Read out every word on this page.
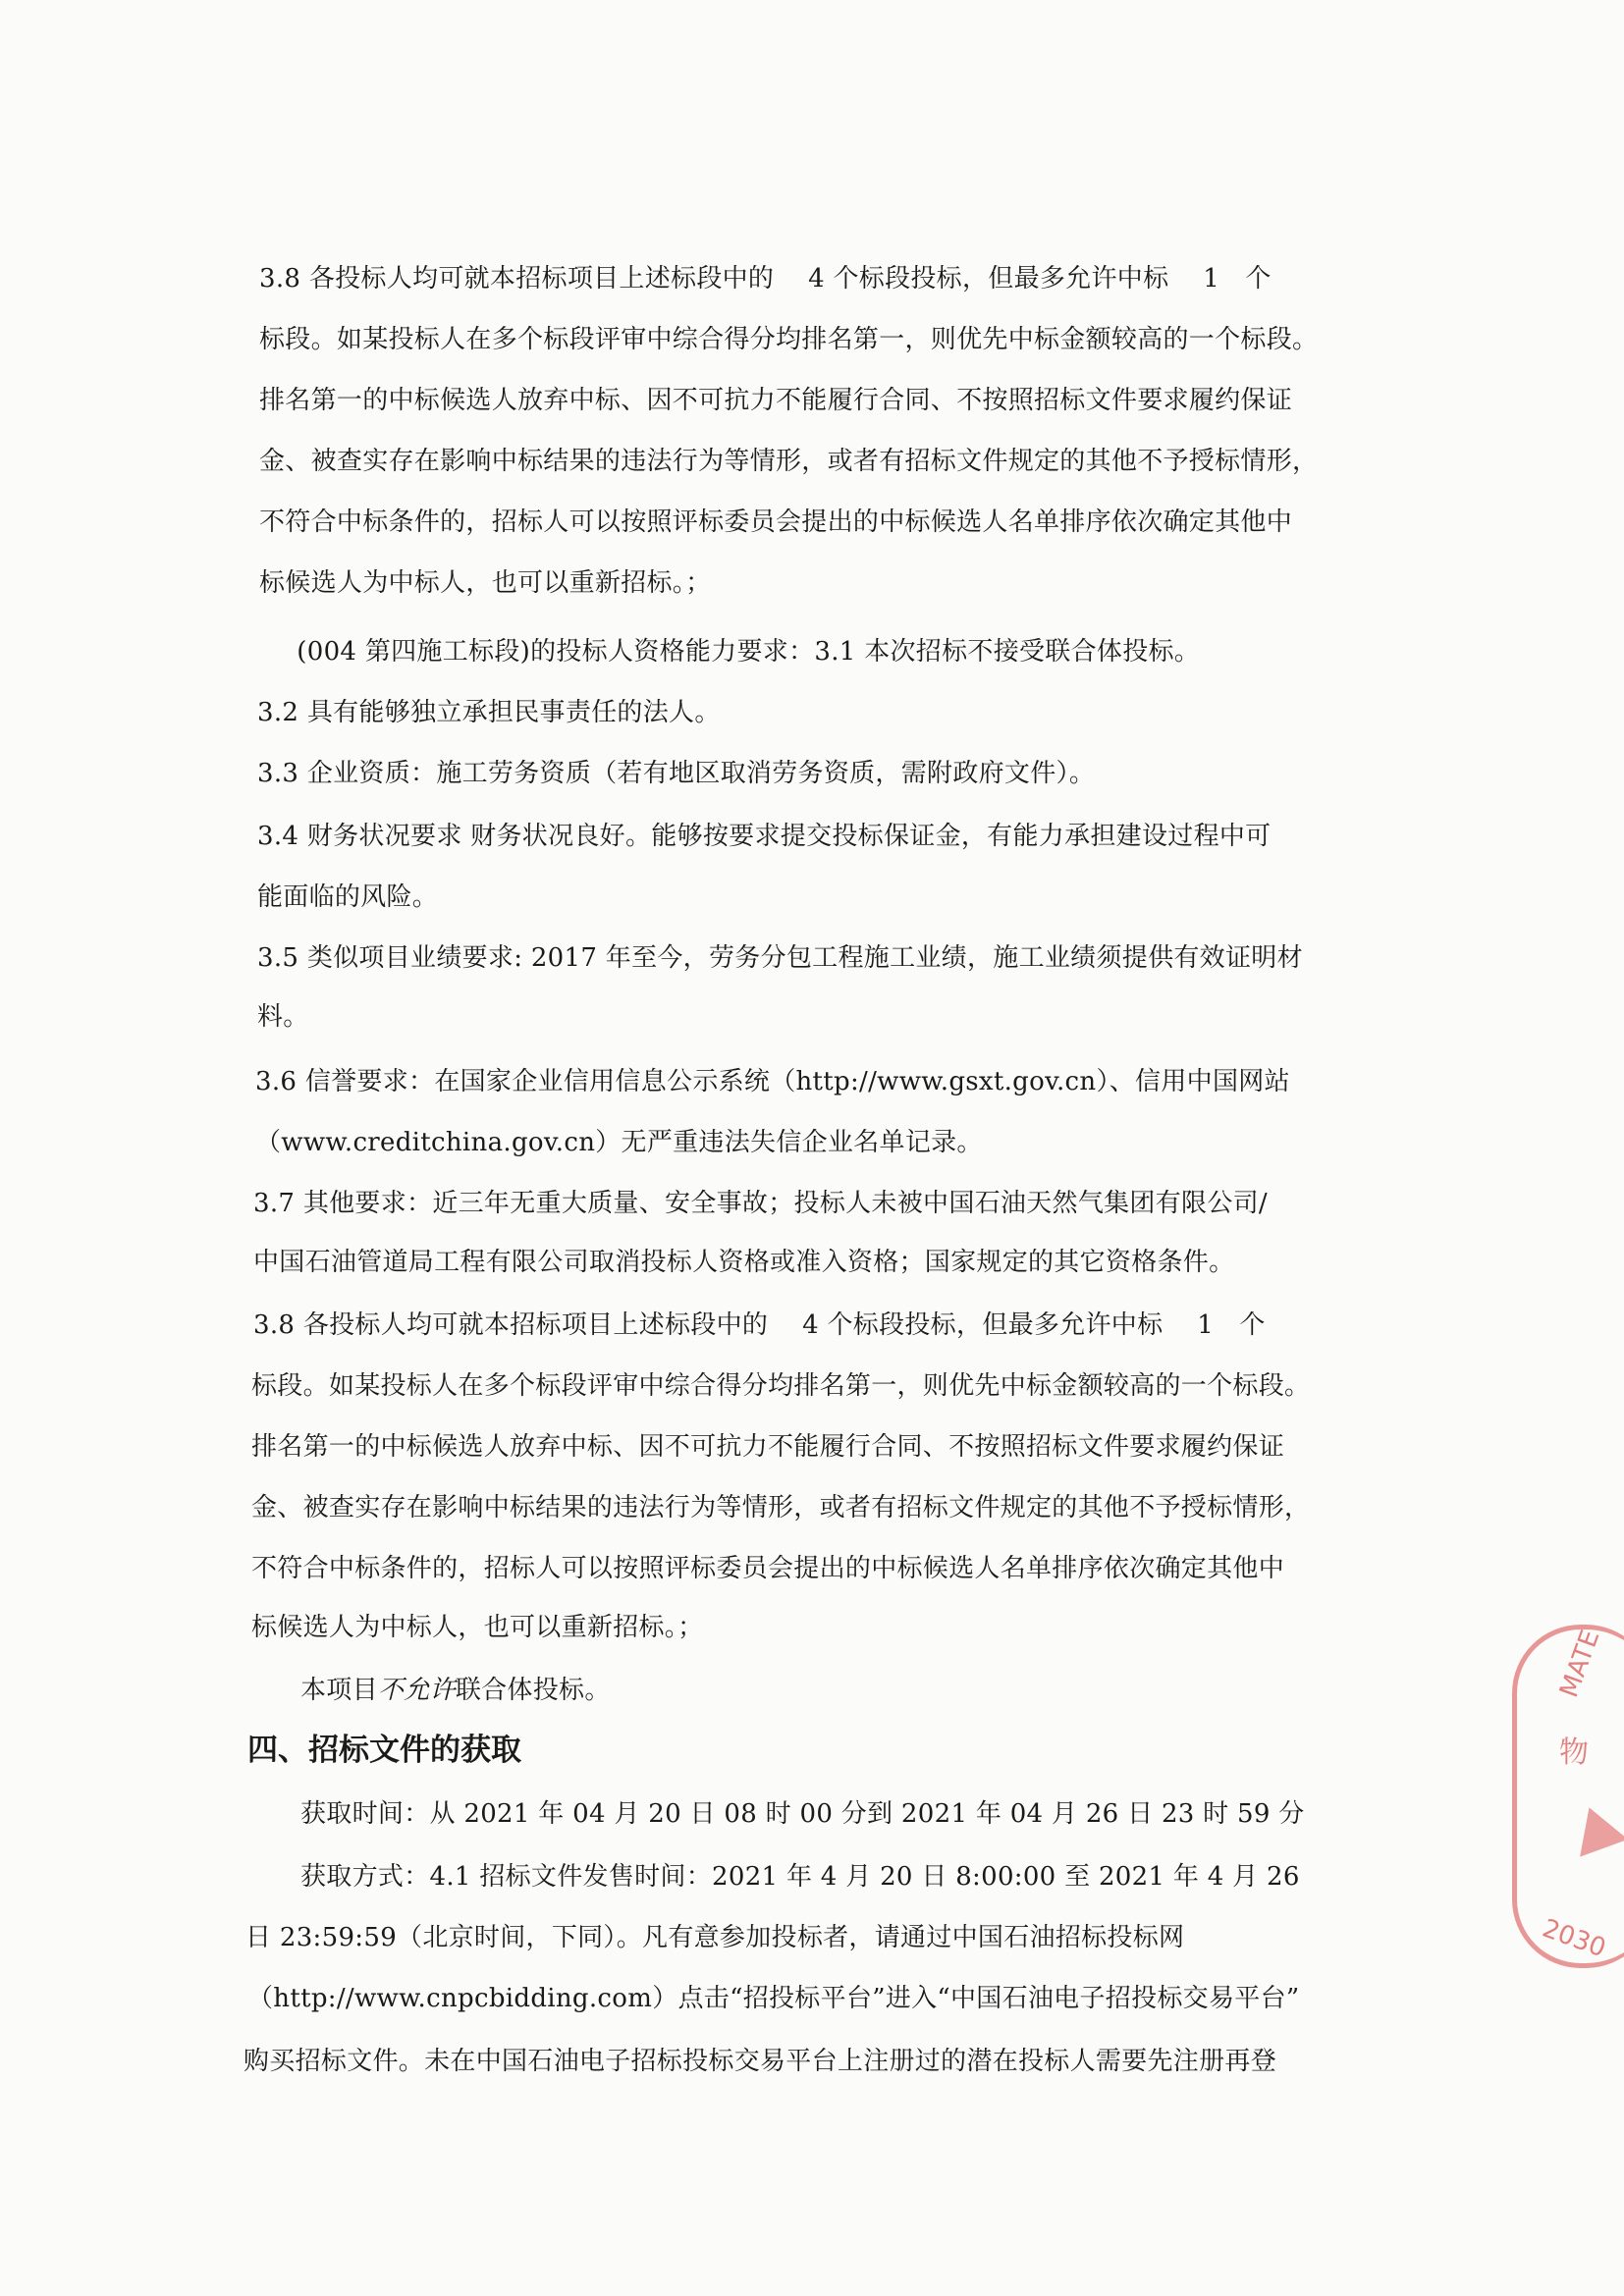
3.8 各投标人均可就本招标项目上述标段中的　 4 个标段投标，但最多允许中标　 1　个
标段。如某投标人在多个标段评审中综合得分均排名第一，则优先中标金额较高的一个标段。
排名第一的中标候选人放弃中标、因不可抗力不能履行合同、不按照招标文件要求履约保证
金、被查实存在影响中标结果的违法行为等情形，或者有招标文件规定的其他不予授标情形，
不符合中标条件的，招标人可以按照评标委员会提出的中标候选人名单排序依次确定其他中
标候选人为中标人，也可以重新招标。；
　(004 第四施工标段)的投标人资格能力要求：3.1 本次招标不接受联合体投标。
3.2 具有能够独立承担民事责任的法人。
3.3 企业资质：施工劳务资质（若有地区取消劳务资质，需附政府文件）。
3.4 财务状况要求 财务状况良好。能够按要求提交投标保证金，有能力承担建设过程中可
能面临的风险。
3.5 类似项目业绩要求: 2017 年至今，劳务分包工程施工业绩，施工业绩须提供有效证明材
料。
3.6 信誉要求：在国家企业信用信息公示系统（http://www.gsxt.gov.cn）、信用中国网站
（www.creditchina.gov.cn）无严重违法失信企业名单记录。
3.7 其他要求：近三年无重大质量、安全事故；投标人未被中国石油天然气集团有限公司/
中国石油管道局工程有限公司取消投标人资格或准入资格；国家规定的其它资格条件。
3.8 各投标人均可就本招标项目上述标段中的　 4 个标段投标，但最多允许中标　 1　个
标段。如某投标人在多个标段评审中综合得分均排名第一，则优先中标金额较高的一个标段。
排名第一的中标候选人放弃中标、因不可抗力不能履行合同、不按照招标文件要求履约保证
金、被查实存在影响中标结果的违法行为等情形，或者有招标文件规定的其他不予授标情形，
不符合中标条件的，招标人可以按照评标委员会提出的中标候选人名单排序依次确定其他中
标候选人为中标人，也可以重新招标。；
本项目不允许联合体投标。
四、招标文件的获取
获取时间：从 2021 年 04 月 20 日 08 时 00 分到 2021 年 04 月 26 日 23 时 59 分
获取方式：4.1 招标文件发售时间：2021 年 4 月 20 日 8:00:00 至 2021 年 4 月 26
日 23:59:59（北京时间，下同）。凡有意参加投标者，请通过中国石油招标投标网
（http://www.cnpcbidding.com）点击“招投标平台”进入“中国石油电子招投标交易平台”
购买招标文件。未在中国石油电子招标投标交易平台上注册过的潜在投标人需要先注册再登
MATE
物
2030
